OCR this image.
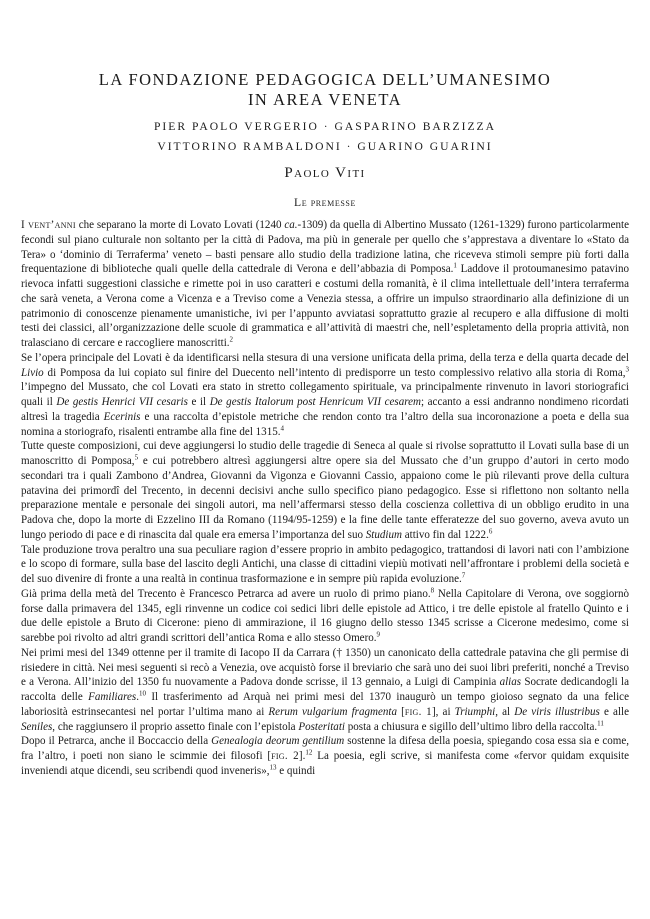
LA FONDAZIONE PEDAGOGICA DELL’UMANESIMO
IN AREA VENETA
PIER PAOLO VERGERIO · GASPARINO BARZIZZA
VITTORINO RAMBALDONI · GUARINO GUARINI
Paolo Viti
Le premesse

I vent’anni che separano la morte di Lovato Lovati (1240 ca.-1309) da quella di Albertino Mussato (1261-1329) furono particolarmente fecondi sul piano culturale non soltanto per la città di Padova, ma più in generale per quello che s’apprestava a diventare lo «Stato da Tera» o ‘dominio di Terraferma’ veneto – basti pensare allo studio della tradizione latina, che riceveva stimoli sempre più forti dalla frequentazione di biblioteche quali quelle della cattedrale di Verona e dell’abbazia di Pomposa.$^1$ Laddove il protoumanesimo patavino rievoca infatti suggestioni classiche e rimette poi in uso caratteri e costumi della romanità, è il clima intellettuale dell’intera terraferma che sarà veneta, a Verona come a Vicenza e a Treviso come a Venezia stessa, a offrire un impulso straordinario alla definizione di un patrimonio di conoscenze pienamente umanistiche, ivi per l’appunto avviatasi soprattutto grazie al recupero e alla diffusione di molti testi dei classici, all’organizzazione delle scuole di grammatica e all’attività di maestri che, nell’espletamento della propria attività, non tralasciano di cercare e raccogliere manoscritti.$^2$

Se l’opera principale del Lovati è da identificarsi nella stesura di una versione unificata della prima, della terza e della quarta decade del Livio di Pomposa da lui copiato sul finire del Duecento nell’intento di predisporre un testo complessivo relativo alla storia di Roma,$^3$ l’impegno del Mussato, che col Lovati era stato in stretto collegamento spirituale, va principalmente rinvenuto in lavori storiografici quali il De gestis Henrici VII cesaris e il De gestis Italorum post Henricum VII cesarem; accanto a essi andranno nondimeno ricordati altresì la tragedia Ecerinis e una raccolta d’epistole metriche che rendon conto tra l’altro della sua incoronazione a poeta e della sua nomina a storiografo, risalenti entrambe alla fine del 1315.$^4$

Tutte queste composizioni, cui deve aggiungersi lo studio delle tragedie di Seneca al quale si rivolse soprattutto il Lovati sulla base di un manoscritto di Pomposa,$^5$ e cui potrebbero altresì aggiungersi altre opere sia del Mussato che d’un gruppo d’autori in certo modo secondari tra i quali Zambono d’Andrea, Giovanni da Vigonza e Giovanni Cassio, appaiono come le più rilevanti prove della cultura patavina dei primordî del Trecento, in decenni decisivi anche sullo specifico piano pedagogico. Esse si riflettono non soltanto nella preparazione mentale e personale dei singoli autori, ma nell’affermarsi stesso della coscienza collettiva di un obbligo erudito in una Padova che, dopo la morte di Ezzelino III da Romano (1194/95-1259) e la fine delle tante efferatezze del suo governo, aveva avuto un lungo periodo di pace e di rinascita dal quale era emersa l’importanza del suo Studium attivo fin dal 1222.$^6$

Tale produzione trova peraltro una sua peculiare ragion d’essere proprio in ambito pedagogico, trattandosi di lavori nati con l’ambizione e lo scopo di formare, sulla base del lascito degli Antichi, una classe di cittadini viepiù motivati nell’affrontare i problemi della società e del suo divenire di fronte a una realtà in continua trasformazione e in sempre più rapida evoluzione.$^7$

Già prima della metà del Trecento è Francesco Petrarca ad avere un ruolo di primo piano.$^8$ Nella Capitolare di Verona, ove soggiornò forse dalla primavera del 1345, egli rinvenne un codice coi sedici libri delle epistole ad Attico, i tre delle epistole al fratello Quinto e i due delle epistole a Bruto di Cicerone: pieno di ammirazione, il 16 giugno dello stesso 1345 scrisse a Cicerone medesimo, come si sarebbe poi rivolto ad altri grandi scrittori dell’antica Roma e allo stesso Omero.$^9$

Nei primi mesi del 1349 ottenne per il tramite di Iacopo II da Carrara († 1350) un canonicato della cattedrale patavina che gli permise di risiedere in città. Nei mesi seguenti si recò a Venezia, ove acquistò forse il breviario che sarà uno dei suoi libri preferiti, nonché a Treviso e a Verona. All’inizio del 1350 fu nuovamente a Padova donde scrisse, il 13 gennaio, a Luigi di Campinia alias Socrate dedicandogli la raccolta delle Familiares.$^{10}$ Il trasferimento ad Arquà nei primi mesi del 1370 inaugurò un tempo gioioso segnato da una felice laboriosità estrinsecantesi nel portar l’ultima mano ai Rerum vulgarium fragmenta [fig. 1], ai Triumphi, al De viris illustribus e alle Seniles, che raggiunsero il proprio assetto finale con l’epistola Posteritati posta a chiusura e sigillo dell’ultimo libro della raccolta.$^{11}$

Dopo il Petrarca, anche il Boccaccio della Genealogia deorum gentilium sostenne la difesa della poesia, spiegando cosa essa sia e come, fra l’altro, i poeti non siano le scimmie dei filosofi [fig. 2].$^{12}$ La poesia, egli scrive, si manifesta come «fervor quidam exquisite inveniendi atque dicendi, seu scribendi quod inveneris»,$^{13}$ e quindi
